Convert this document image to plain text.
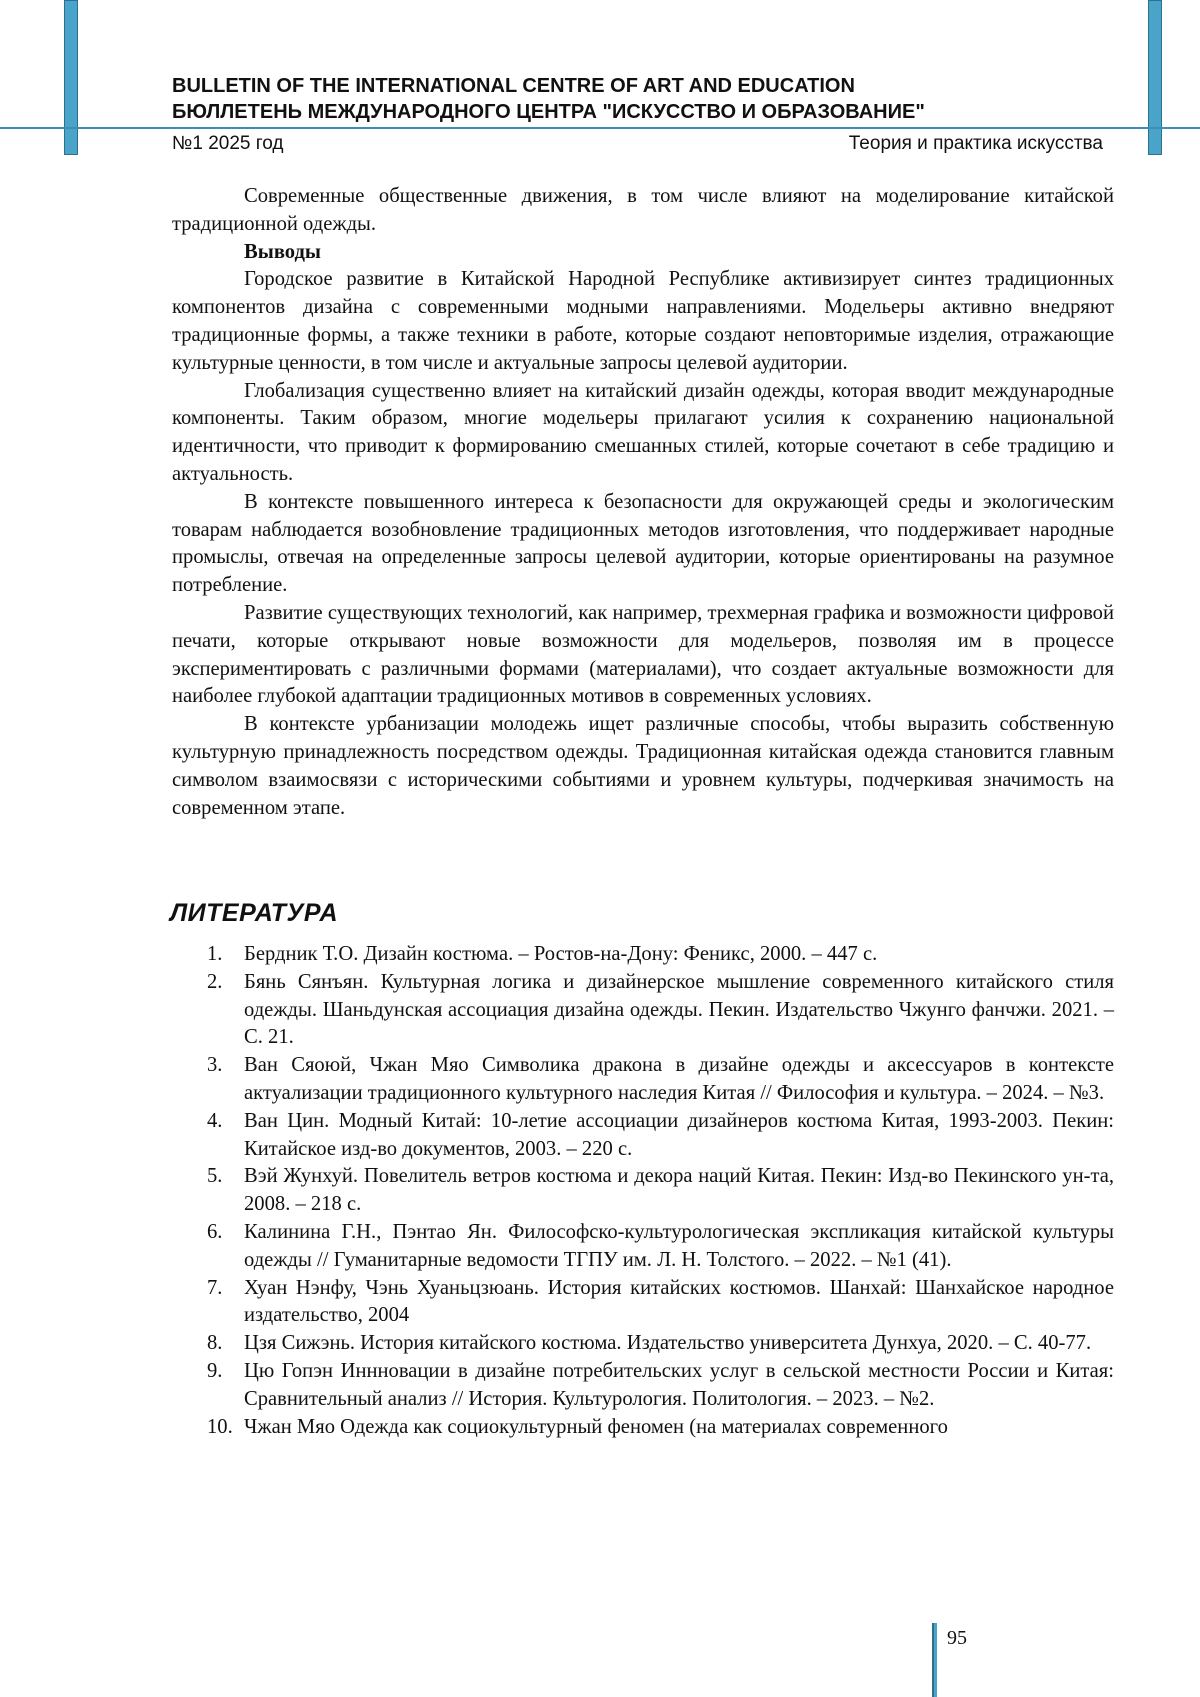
BULLETIN OF THE INTERNATIONAL CENTRE OF ART AND EDUCATION
БЮЛЛЕТЕНЬ МЕЖДУНАРОДНОГО ЦЕНТРА "ИСКУССТВО И ОБРАЗОВАНИЕ"
№1 2025 год	Теория и практика искусства

Современные общественные движения, в том числе влияют на моделирование китайской традиционной одежды.

Выводы

Городское развитие в Китайской Народной Республике активизирует синтез традиционных компонентов дизайна с современными модными направлениями. Модельеры активно внедряют традиционные формы, а также техники в работе, которые создают неповторимые изделия, отражающие культурные ценности, в том числе и актуальные запросы целевой аудитории.

Глобализация существенно влияет на китайский дизайн одежды, которая вводит международные компоненты. Таким образом, многие модельеры прилагают усилия к сохранению национальной идентичности, что приводит к формированию смешанных стилей, которые сочетают в себе традицию и актуальность.

В контексте повышенного интереса к безопасности для окружающей среды и экологическим товарам наблюдается возобновление традиционных методов изготовления, что поддерживает народные промыслы, отвечая на определенные запросы целевой аудитории, которые ориентированы на разумное потребление.

Развитие существующих технологий, как например, трехмерная графика и возможности цифровой печати, которые открывают новые возможности для модельеров, позволяя им в процессе экспериментировать с различными формами (материалами), что создает актуальные возможности для наиболее глубокой адаптации традиционных мотивов в современных условиях.

В контексте урбанизации молодежь ищет различные способы, чтобы выразить собственную культурную принадлежность посредством одежды. Традиционная китайская одежда становится главным символом взаимосвязи с историческими событиями и уровнем культуры, подчеркивая значимость на современном этапе.

ЛИТЕРАТУРА
1. Бердник Т.О. Дизайн костюма. – Ростов-на-Дону: Феникс, 2000. – 447 с.
2. Бянь Сянъян. Культурная логика и дизайнерское мышление современного китайского стиля одежды. Шаньдунская ассоциация дизайна одежды. Пекин. Издательство Чжунго фанчжи. 2021. – С. 21.
3. Ван Сяоюй, Чжан Мяо Символика дракона в дизайне одежды и аксессуаров в контексте актуализации традиционного культурного наследия Китая // Философия и культура. – 2024. – №3.
4. Ван Цин. Модный Китай: 10-летие ассоциации дизайнеров костюма Китая, 1993-2003. Пекин: Китайское изд-во документов, 2003. – 220 с.
5. Вэй Жунхуй. Повелитель ветров костюма и декора наций Китая. Пекин: Изд-во Пекинского ун-та, 2008. – 218 с.
6. Калинина Г.Н., Пэнтао Ян. Философско-культурологическая экспликация китайской культуры одежды // Гуманитарные ведомости ТГПУ им. Л. Н. Толстого. – 2022. – №1 (41).
7. Хуан Нэнфу, Чэнь Хуаньцзюань. История китайских костюмов. Шанхай: Шанхайское народное издательство, 2004
8. Цзя Сижэнь. История китайского костюма. Издательство университета Дунхуа, 2020. – С. 40-77.
9. Цю Гопэн Иннновации в дизайне потребительских услуг в сельской местности России и Китая: Сравнительный анализ // История. Культурология. Политология. – 2023. – №2.
10. Чжан Мяо Одежда как социокультурный феномен (на материалах современного
95
